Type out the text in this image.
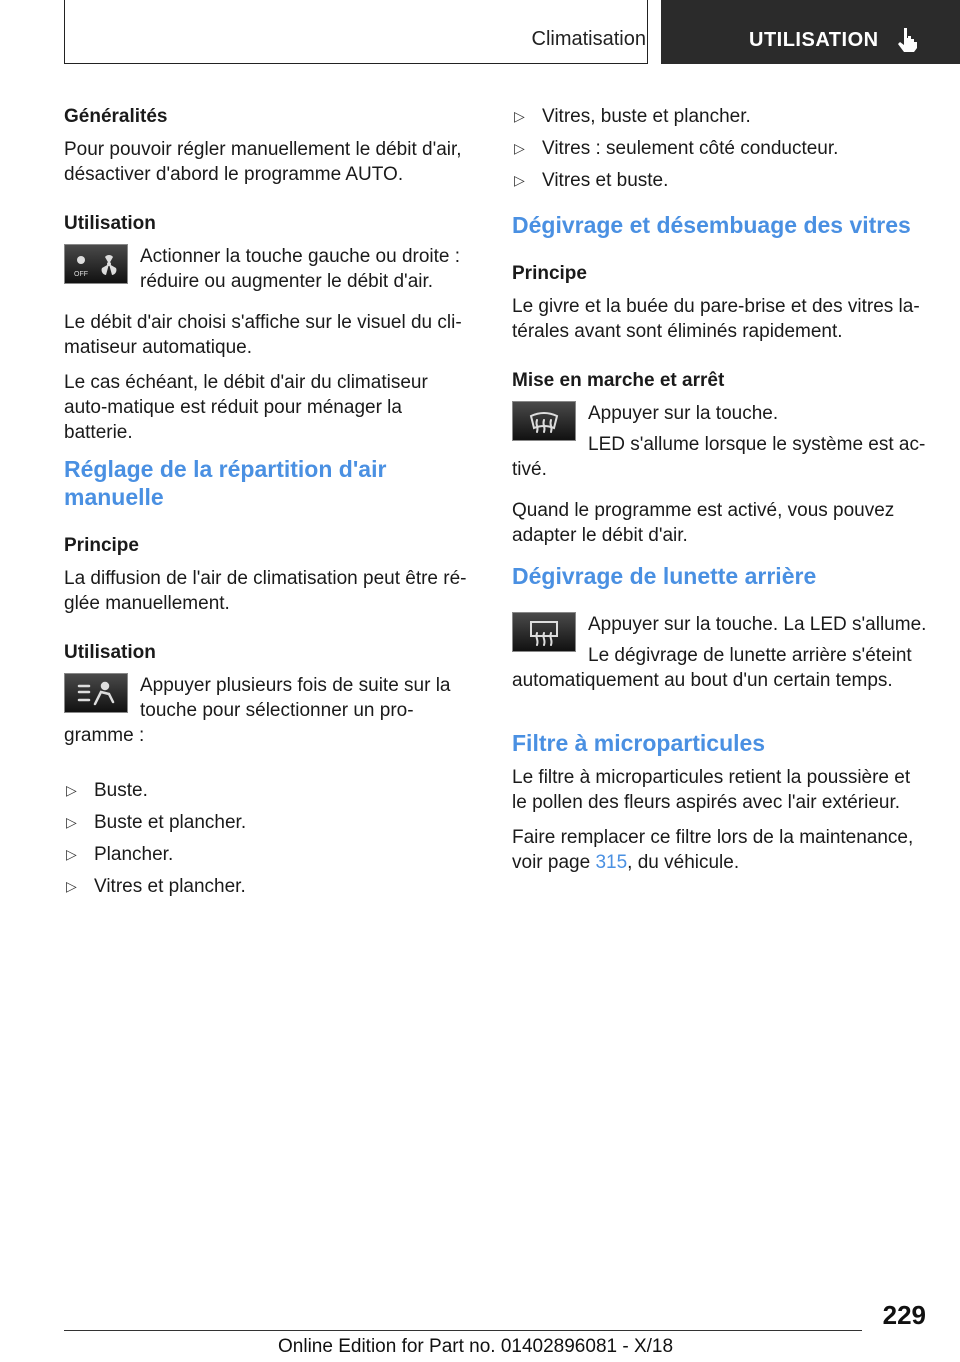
Climatisation	UTILISATION
Généralités

Pour pouvoir régler manuellement le débit d'air, désactiver d'abord le programme AUTO.

Utilisation
OFF

Actionner la touche gauche ou droite : réduire ou augmenter le débit d'air.

Le débit d'air choisi s'affiche sur le visuel du cli-matiseur automatique.

Le cas échéant, le débit d'air du climatiseur auto-matique est réduit pour ménager la batterie.

Réglage de la répartition d'air manuelle
Principe

La diffusion de l'air de climatisation peut être ré-glée manuellement.

Utilisation

Appuyer plusieurs fois de suite sur la touche pour sélectionner un pro-gramme :

▷ Buste.
▷ Buste et plancher.
▷ Plancher.
▷ Vitres et plancher.
▷ Vitres, buste et plancher.
▷ Vitres : seulement côté conducteur.
▷ Vitres et buste.
Dégivrage et désembuage des vitres
Principe

Le givre et la buée du pare-brise et des vitres la-térales avant sont éliminés rapidement.

Mise en marche et arrêt

Appuyer sur la touche.

LED s'allume lorsque le système est ac-tivé.

Quand le programme est activé, vous pouvez adapter le débit d'air.

Dégivrage de lunette arrière

Appuyer sur la touche. La LED s'allume.

Le dégivrage de lunette arrière s'éteint automatiquement au bout d'un certain temps.

Filtre à microparticules

Le filtre à microparticules retient la poussière et le pollen des fleurs aspirés avec l'air extérieur.

Faire remplacer ce filtre lors de la maintenance, voir page 315, du véhicule.

229
Online Edition for Part no. 01402896081 - X/18
